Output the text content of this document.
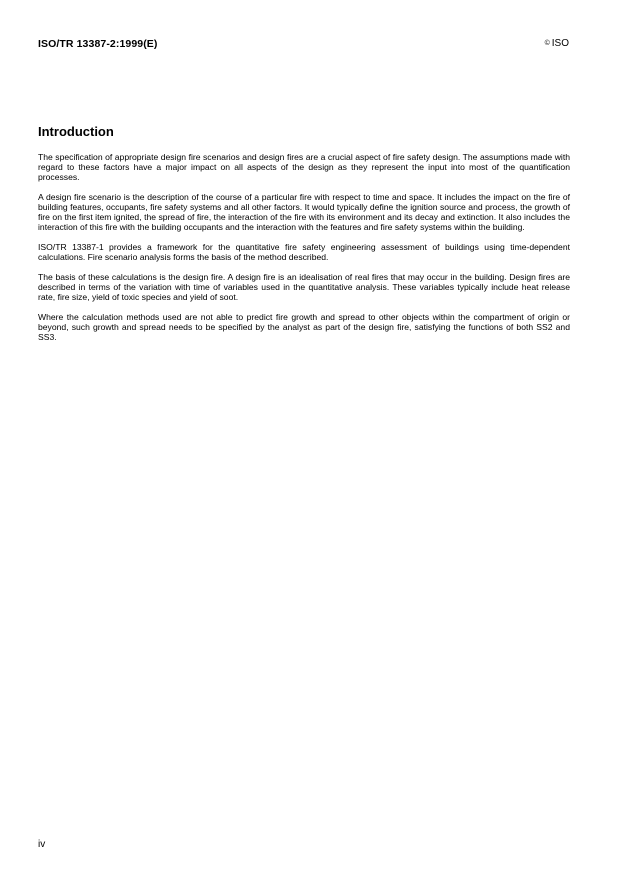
ISO/TR 13387-2:1999(E)	© ISO
Introduction

The specification of appropriate design fire scenarios and design fires are a crucial aspect of fire safety design. The assumptions made with regard to these factors have a major impact on all aspects of the design as they represent the input into most of the quantification processes.

A design fire scenario is the description of the course of a particular fire with respect to time and space. It includes the impact on the fire of building features, occupants, fire safety systems and all other factors. It would typically define the ignition source and process, the growth of fire on the first item ignited, the spread of fire, the interaction of the fire with its environment and its decay and extinction. It also includes the interaction of this fire with the building occupants and the interaction with the features and fire safety systems within the building.

ISO/TR 13387-1 provides a framework for the quantitative fire safety engineering assessment of buildings using time-dependent calculations. Fire scenario analysis forms the basis of the method described.

The basis of these calculations is the design fire. A design fire is an idealisation of real fires that may occur in the building. Design fires are described in terms of the variation with time of variables used in the quantitative analysis. These variables typically include heat release rate, fire size, yield of toxic species and yield of soot.

Where the calculation methods used are not able to predict fire growth and spread to other objects within the compartment of origin or beyond, such growth and spread needs to be specified by the analyst as part of the design fire, satisfying the functions of both SS2 and SS3.

iv
